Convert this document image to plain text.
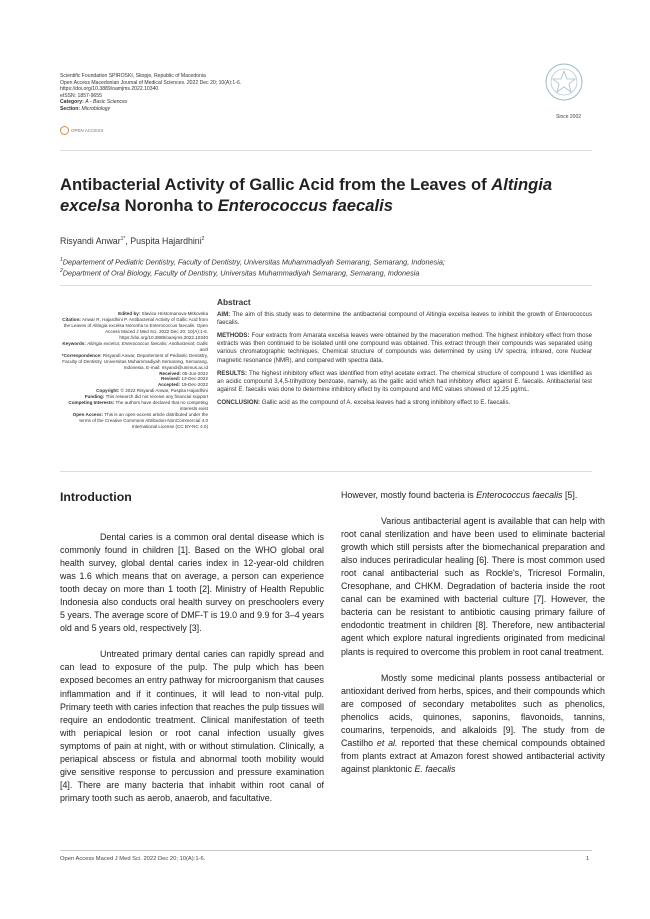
Scientific Foundation SPIROSKI, Skopje, Republic of Macedonia
Open Access Macedonian Journal of Medical Sciences. 2022 Dec 20; 10(A):1-6.
https://doi.org/10.3889/oamjms.2022.10340
eISSN: 1857-9655
Category: A - Basic Sciences
Section: Microbiology
OPEN ACCESS
Since 2002
Antibacterial Activity of Gallic Acid from the Leaves of Altingia excelsa Noronha to Enterococcus faecalis
Risyandi Anwar$^{1*}$, Puspita Hajardhini$^2$
$^1$Departement of Pediatric Dentistry, Faculty of Dentistry, Universitas Muhammadiyah Semarang, Semarang, Indonesia;
$^2$Department of Oral Biology, Faculty of Dentistry, Universitas Muhammadiyah Semarang, Semarang, Indonesia
Edited by: Slavica Hristomanova-Mitkovska
Citation: Anwar R, Hajardhini P. Antibacterial Activity of Gallic Acid from the Leaves of Altingia excelsa Noronha to Enterococcus faecalis. Open Access Maced J Med Sci. 2022 Dec 20; 10(A):1-6. https://doi.org/10.3889/oamjms.2022.10340
Keywords: Altingia excelsa; Enterococcus faecalis; Antibacterial; Gallic acid
*Correspondence: Risyandi Anwar, Departement of Pediatric Dentistry, Faculty of Dentistry, Universitas Muhammadiyah Semarang, Semarang, Indonesia. E-mail: risyandi@unimus.ac.id
Received: 05-Jun-2022
Revised: 13-Dec-2022
Accepted: 19-Dec-2022
Copyright: © 2022 Risyandi Anwar, Puspita Hajardhini
Funding: This research did not receive any financial support
Competing Interests: The authors have declared that no competing interests exist
Open Access: This is an open-access article distributed under the terms of the Creative Commons Attribution-NonCommercial 4.0 International License (CC BY-NC 4.0)
Abstract

AIM: The aim of this study was to determine the antibacterial compound of Altingia excelsa leaves to inhibit the growth of Enterococcus faecalis.

METHODS: Four extracts from Amarata excelsa leaves were obtained by the maceration method. The highest inhibitory effect from those extracts was then continued to be isolated until one compound was obtained. This extract through their compounds was separated using various chromatographic techniques. Chemical structure of compounds was determined by using UV spectra, infrared, core Nuclear magnetic resonance (NMR), and compared with spectra data.

RESULTS: The highest inhibitory effect was identified from ethyl acetate extract. The chemical structure of compound 1 was identified as an acidic compound 3,4,5-trihydroxy benzoate, namely, as the gallic acid which had inhibitory effect against E. faecalis. Antibacterial test against E. faecalis was done to determine inhibitory effect by its compound and MIC values showed of 12.25 µg/mL.

CONCLUSION: Gallic acid as the compound of A. excelsa leaves had a strong inhibitory effect to E. faecalis.

Introduction

Dental caries is a common oral dental disease which is commonly found in children [1]. Based on the WHO global oral health survey, global dental caries index in 12-year-old children was 1.6 which means that on average, a person can experience tooth decay on more than 1 tooth [2]. Ministry of Health Republic Indonesia also conducts oral health survey on preschoolers every 5 years. The average score of DMF-T is 19.0 and 9.9 for 3–4 years old and 5 years old, respectively [3].

Untreated primary dental caries can rapidly spread and can lead to exposure of the pulp. The pulp which has been exposed becomes an entry pathway for microorganism that causes inflammation and if it continues, it will lead to non-vital pulp. Primary teeth with caries infection that reaches the pulp tissues will require an endodontic treatment. Clinical manifestation of teeth with periapical lesion or root canal infection usually gives symptoms of pain at night, with or without stimulation. Clinically, a periapical abscess or fistula and abnormal tooth mobility would give sensitive response to percussion and pressure examination [4]. There are many bacteria that inhabit within root canal of primary tooth such as aerob, anaerob, and facultative.

However, mostly found bacteria is Enterococcus faecalis [5].

Various antibacterial agent is available that can help with root canal sterilization and have been used to eliminate bacterial growth which still persists after the biomechanical preparation and also induces periradicular healing [6]. There is most common used root canal antibacterial such as Rockle's, Tricresol Formalin, Cresophane, and CHKM. Degradation of bacteria inside the root canal can be examined with bacterial culture [7]. However, the bacteria can be resistant to antibiotic causing primary failure of endodontic treatment in children [8]. Therefore, new antibacterial agent which explore natural ingredients originated from medicinal plants is required to overcome this problem in root canal treatment.

Mostly some medicinal plants possess antibacterial or antioxidant derived from herbs, spices, and their compounds which are composed of secondary metabolites such as phenolics, phenolics acids, quinones, saponins, flavonoids, tannins, coumarins, terpenoids, and alkaloids [9]. The study from de Castilho et al. reported that these chemical compounds obtained from plants extract at Amazon forest showed antibacterial activity against planktonic E. faecalis

Open Access Maced J Med Sci. 2022 Dec 20; 10(A):1-6.	1
